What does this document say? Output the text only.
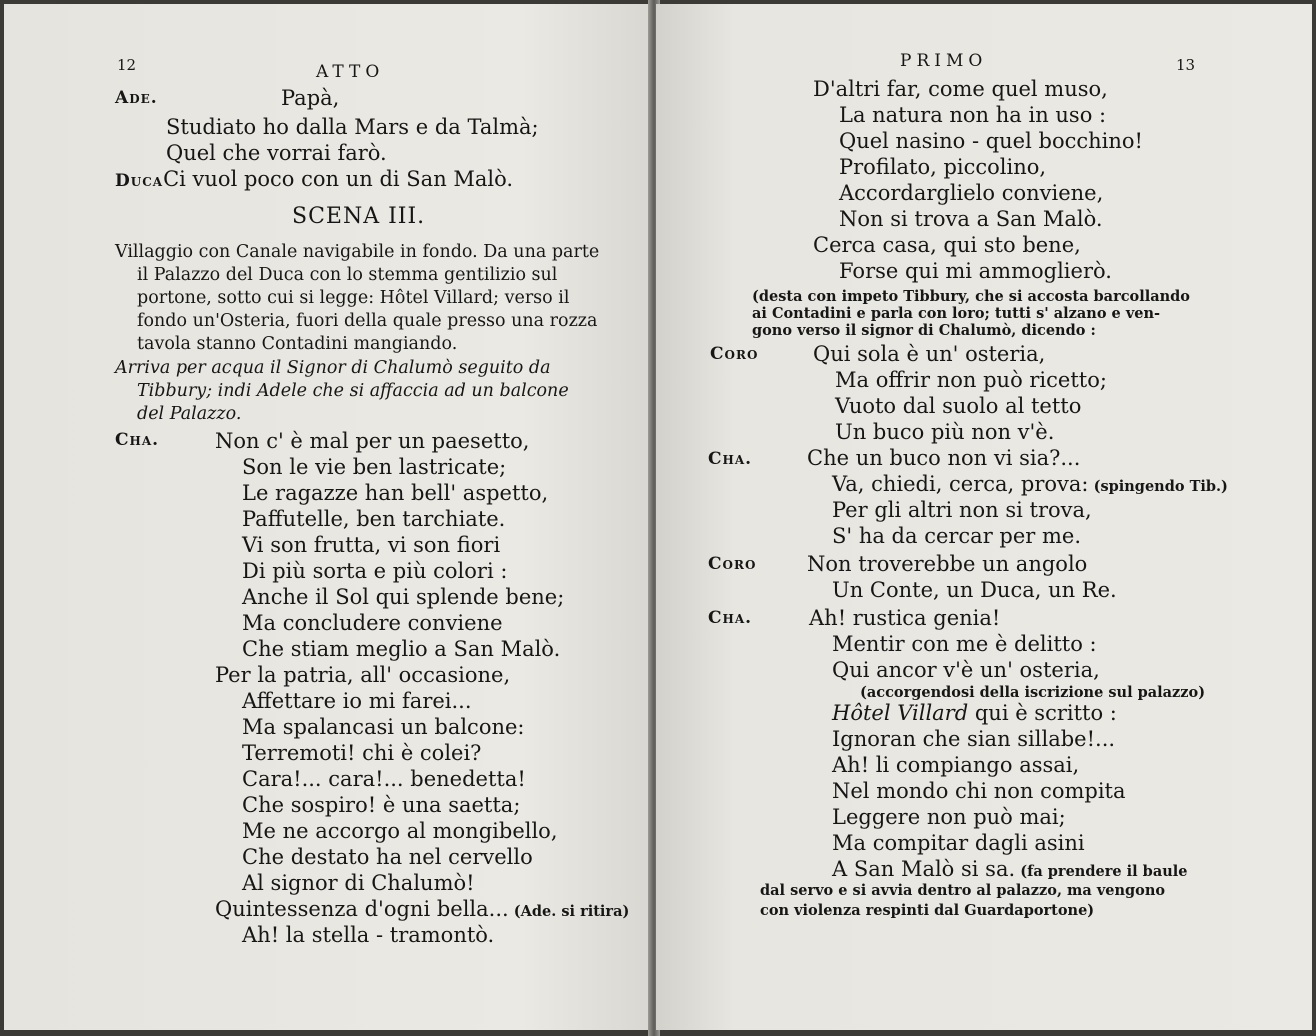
12	ATTO
Ade.	Papà,
Studiato ho dalla Mars e da Talmà;
Quel che vorrai farò.
DucaCi vuol poco con un di San Malò.
SCENA III.
Villaggio con Canale navigabile in fondo. Da una parte
il Palazzo del Duca con lo stemma gentilizio sul
portone, sotto cui si legge: Hôtel Villard; verso il
fondo un'Osteria, fuori della quale presso una rozza
tavola stanno Contadini mangiando.
Arriva per acqua il Signor di Chalumò seguito da
Tibbury; indi Adele che si affaccia ad un balcone
del Palazzo.
Cha.	Non c' è mal per un paesetto,
Son le vie ben lastricate;
Le ragazze han bell' aspetto,
Paffutelle, ben tarchiate.
Vi son frutta, vi son fiori
Di più sorta e più colori :
Anche il Sol qui splende bene;
Ma concludere conviene
Che stiam meglio a San Malò.
Per la patria, all' occasione,
Affettare io mi farei...
Ma spalancasi un balcone:
Terremoti! chi è colei?
Cara!... cara!... benedetta!
Che sospiro! è una saetta;
Me ne accorgo al mongibello,
Che destato ha nel cervello
Al signor di Chalumò!
Quintessenza d'ogni bella... (Ade. si ritira)
Ah! la stella - tramontò.
PRIMO	13
D'altri far, come quel muso,
La natura non ha in uso :
Quel nasino - quel bocchino!
Profilato, piccolino,
Accordarglielo conviene,
Non si trova a San Malò.
Cerca casa, qui sto bene,
Forse qui mi ammoglierò.
(desta con impeto Tibbury, che si accosta barcollando
ai Contadini e parla con loro; tutti s' alzano e ven-
gono verso il signor di Chalumò, dicendo :
Coro	Qui sola è un' osteria,
Ma offrir non può ricetto;
Vuoto dal suolo al tetto
Un buco più non v'è.
Cha.	Che un buco non vi sia?...
Va, chiedi, cerca, prova: (spingendo Tib.)
Per gli altri non si trova,
S' ha da cercar per me.
Coro Non troverebbe un angolo
Un Conte, un Duca, un Re.
Cha.	Ah! rustica genia!
Mentir con me è delitto :
Qui ancor v'è un' osteria,
(accorgendosi della iscrizione sul palazzo)
Hôtel Villard qui è scritto :
Ignoran che sian sillabe!...
Ah! li compiango assai,
Nel mondo chi non compita
Leggere non può mai;
Ma compitar dagli asini
A San Malò si sa. (fa prendere il baule
dal servo e si avvia dentro al palazzo, ma vengono
con violenza respinti dal Guardaportone)
